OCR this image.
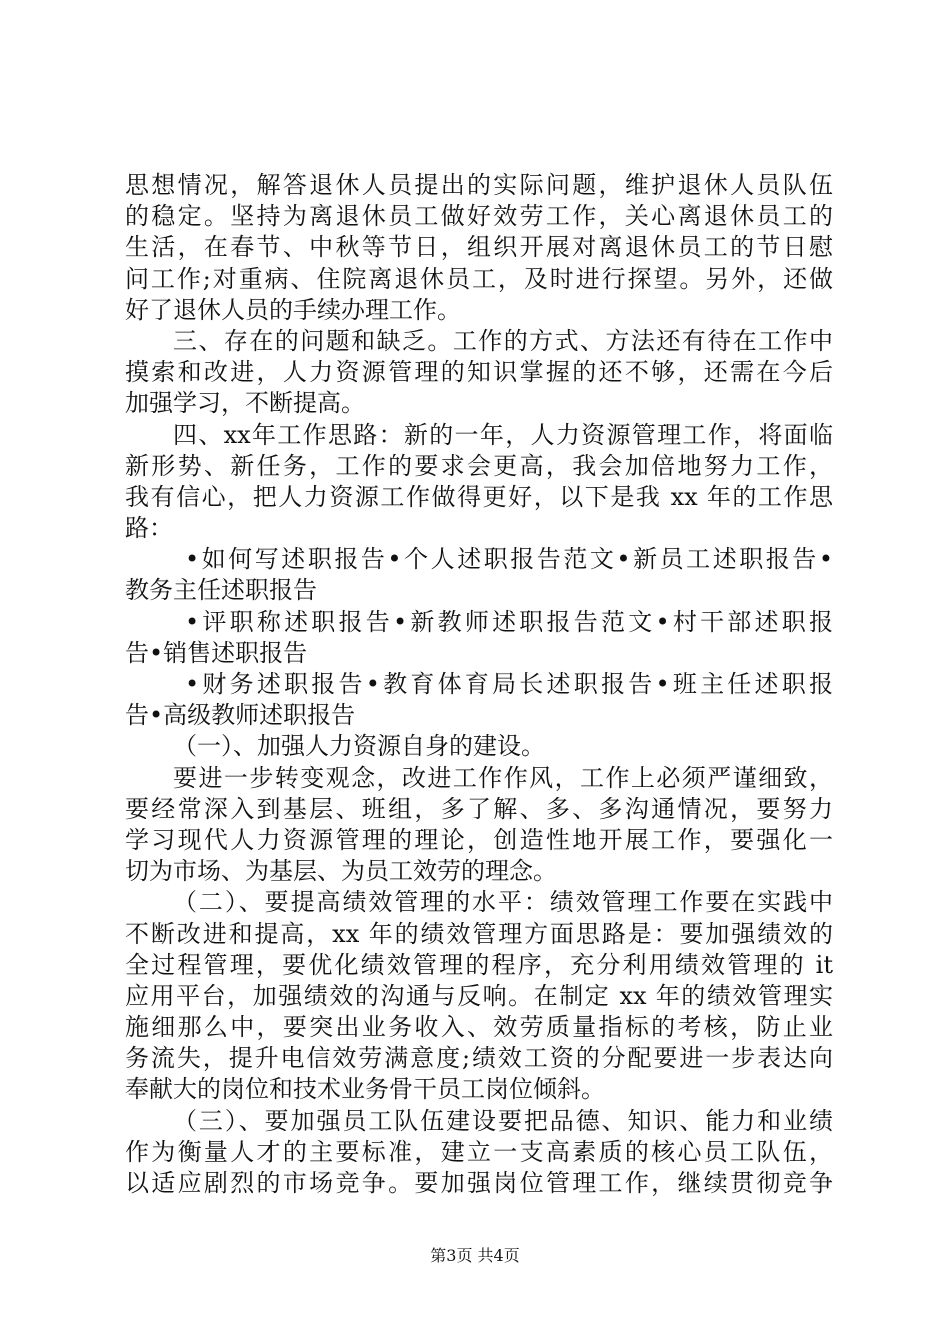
思想情况，解答退休人员提出的实际问题，维护退休人员队伍
的稳定。坚持为离退休员工做好效劳工作，关心离退休员工的
生活，在春节、中秋等节日，组织开展对离退休员工的节日慰
问工作;对重病、住院离退休员工，及时进行探望。另外，还做
好了退休人员的手续办理工作。
三、存在的问题和缺乏。工作的方式、方法还有待在工作中
摸索和改进，人力资源管理的知识掌握的还不够，还需在今后
加强学习，不断提高。
四、xx年工作思路：新的一年，人力资源管理工作，将面临
新形势、新任务，工作的要求会更高，我会加倍地努力工作，
我有信心，把人力资源工作做得更好，以下是我 xx 年的工作思
路：
•如何写述职报告•个人述职报告范文•新员工述职报告•
教务主任述职报告
•评职称述职报告•新教师述职报告范文•村干部述职报
告•销售述职报告
•财务述职报告•教育体育局长述职报告•班主任述职报
告•高级教师述职报告
（一）、加强人力资源自身的建设。
要进一步转变观念，改进工作作风，工作上必须严谨细致，
要经常深入到基层、班组，多了解、多、多沟通情况，要努力
学习现代人力资源管理的理论，创造性地开展工作，要强化一
切为市场、为基层、为员工效劳的理念。
（二）、要提高绩效管理的水平：绩效管理工作要在实践中
不断改进和提高，xx 年的绩效管理方面思路是：要加强绩效的
全过程管理，要优化绩效管理的程序，充分利用绩效管理的 it
应用平台，加强绩效的沟通与反响。在制定 xx 年的绩效管理实
施细那么中，要突出业务收入、效劳质量指标的考核，防止业
务流失，提升电信效劳满意度;绩效工资的分配要进一步表达向
奉献大的岗位和技术业务骨干员工岗位倾斜。
（三）、要加强员工队伍建设要把品德、知识、能力和业绩
作为衡量人才的主要标准，建立一支高素质的核心员工队伍，
以适应剧烈的市场竞争。要加强岗位管理工作，继续贯彻竞争
第3页 共4页
